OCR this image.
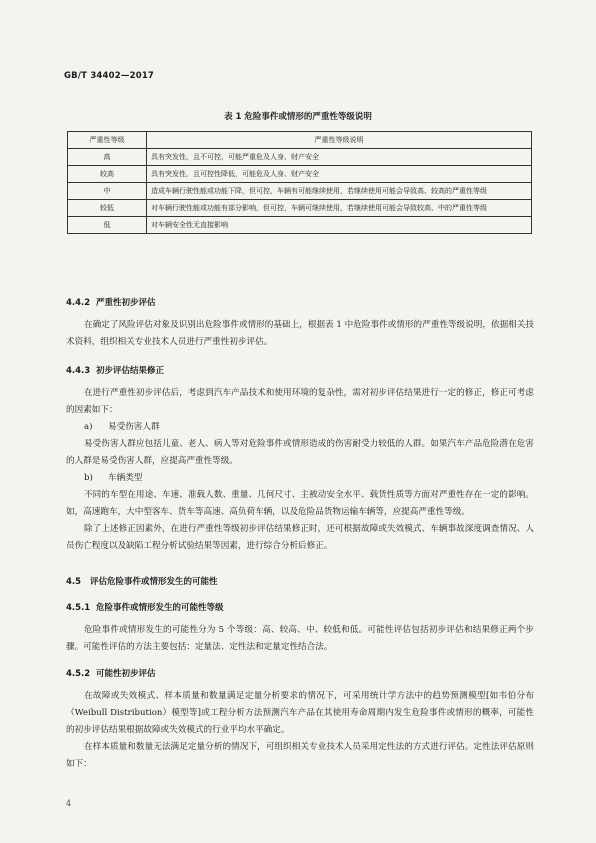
GB/T 34402—2017
表 1 危险事件或情形的严重性等级说明
严重性等级	严重性等级说明
高	具有突发性，且不可控，可能严重危及人身、财产安全
较高	具有突发性，且可控性降低，可能危及人身、财产安全
中	造成车辆行驶性能或功能下降，但可控，车辆有可能继续使用，若继续使用可能会导致高、较高的严重性等级
较低	对车辆行驶性能或功能有部分影响，但可控，车辆可继续使用，若继续使用可能会导致较高、中的严重性等级
低	对车辆安全性无直接影响
4.4.2 严重性初步评估
在确定了风险评估对象及识别出危险事件或情形的基础上，根据表 1 中危险事件或情形的严重性等级说明，依据相关技术资料，组织相关专业技术人员进行严重性初步评估。
4.4.3 初步评估结果修正
在进行严重性初步评估后，考虑到汽车产品技术和使用环境的复杂性，需对初步评估结果进行一定的修正，修正可考虑的因素如下：
a) 易受伤害人群
易受伤害人群应包括儿童、老人、病人等对危险事件或情形造成的伤害耐受力较低的人群。如果汽车产品危险潜在危害的人群是易受伤害人群，应提高严重性等级。
b) 车辆类型
不同的车型在用途、车速、准载人数、重量、几何尺寸、主被动安全水平、载货性质等方面对严重性存在一定的影响。如，高速跑车，大中型客车、货车等高速、高负荷车辆，以及危险品货物运输车辆等，应提高严重性等级。
除了上述修正因素外，在进行严重性等级初步评估结果修正时，还可根据故障或失效模式、车辆事故深度调查情况、人员伤亡程度以及缺陷工程分析试验结果等因素，进行综合分析后修正。
4.5 评估危险事件或情形发生的可能性
4.5.1 危险事件或情形发生的可能性等级
危险事件或情形发生的可能性分为 5 个等级：高、较高、中、较低和低。可能性评估包括初步评估和结果修正两个步骤。可能性评估的方法主要包括：定量法、定性法和定量定性结合法。
4.5.2 可能性初步评估
在故障或失效模式、样本质量和数量满足定量分析要求的情况下，可采用统计学方法中的趋势预测模型[如韦伯分布（Weibull Distribution）模型等]或工程分析方法预测汽车产品在其使用寿命周期内发生危险事件或情形的概率，可能性的初步评估结果根据故障或失效模式的行业平均水平确定。
在样本质量和数量无法满足定量分析的情况下，可组织相关专业技术人员采用定性法的方式进行评估。定性法评估原则如下：
4
